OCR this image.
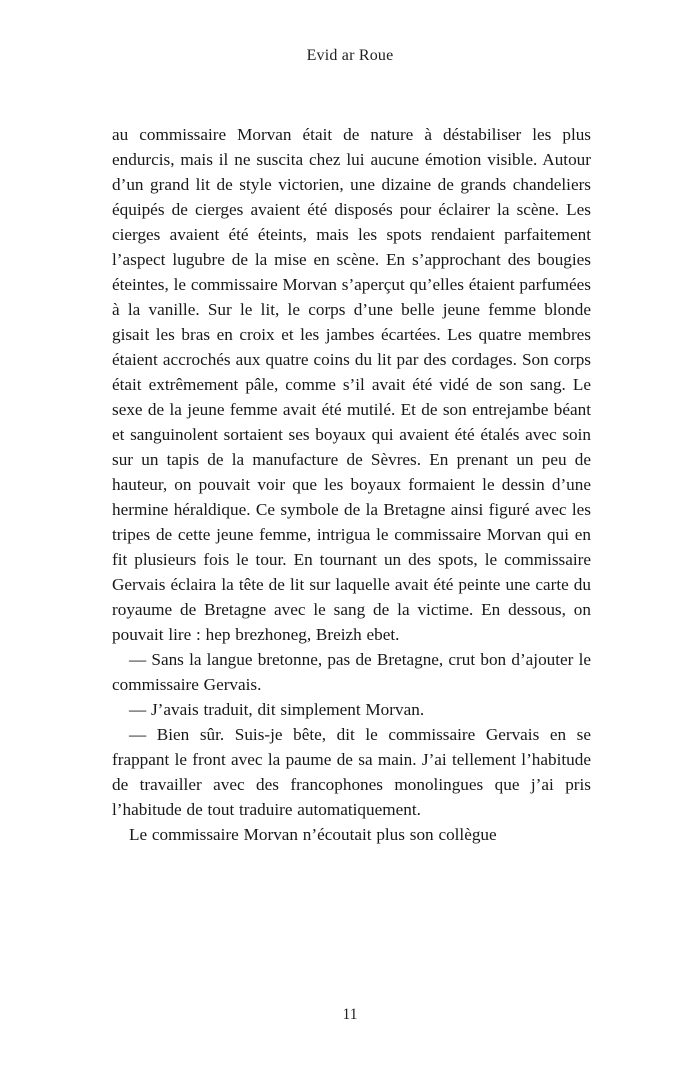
Evid ar Roue

au commissaire Morvan était de nature à déstabiliser les plus endurcis, mais il ne suscita chez lui aucune émotion visible. Autour d’un grand lit de style victorien, une dizaine de grands chandeliers équipés de cierges avaient été disposés pour éclairer la scène. Les cierges avaient été éteints, mais les spots rendaient parfaitement l’aspect lugubre de la mise en scène. En s’approchant des bougies éteintes, le commissaire Morvan s’aperçut qu’elles étaient parfumées à la vanille. Sur le lit, le corps d’une belle jeune femme blonde gisait les bras en croix et les jambes écartées. Les quatre membres étaient accrochés aux quatre coins du lit par des cordages. Son corps était extrêmement pâle, comme s’il avait été vidé de son sang. Le sexe de la jeune femme avait été mutilé. Et de son entrejambe béant et sanguinolent sortaient ses boyaux qui avaient été étalés avec soin sur un tapis de la manufacture de Sèvres. En prenant un peu de hauteur, on pouvait voir que les boyaux formaient le dessin d’une hermine héraldique. Ce symbole de la Bretagne ainsi figuré avec les tripes de cette jeune femme, intrigua le commissaire Morvan qui en fit plusieurs fois le tour. En tournant un des spots, le commissaire Gervais éclaira la tête de lit sur laquelle avait été peinte une carte du royaume de Bretagne avec le sang de la victime. En dessous, on pouvait lire : hep brezhoneg, Breizh ebet.

— Sans la langue bretonne, pas de Bretagne, crut bon d’ajouter le commissaire Gervais.

— J’avais traduit, dit simplement Morvan.

— Bien sûr. Suis-je bête, dit le commissaire Gervais en se frappant le front avec la paume de sa main. J’ai tellement l’habitude de travailler avec des francophones monolingues que j’ai pris l’habitude de tout traduire automatiquement.

Le commissaire Morvan n’écoutait plus son collègue

11
